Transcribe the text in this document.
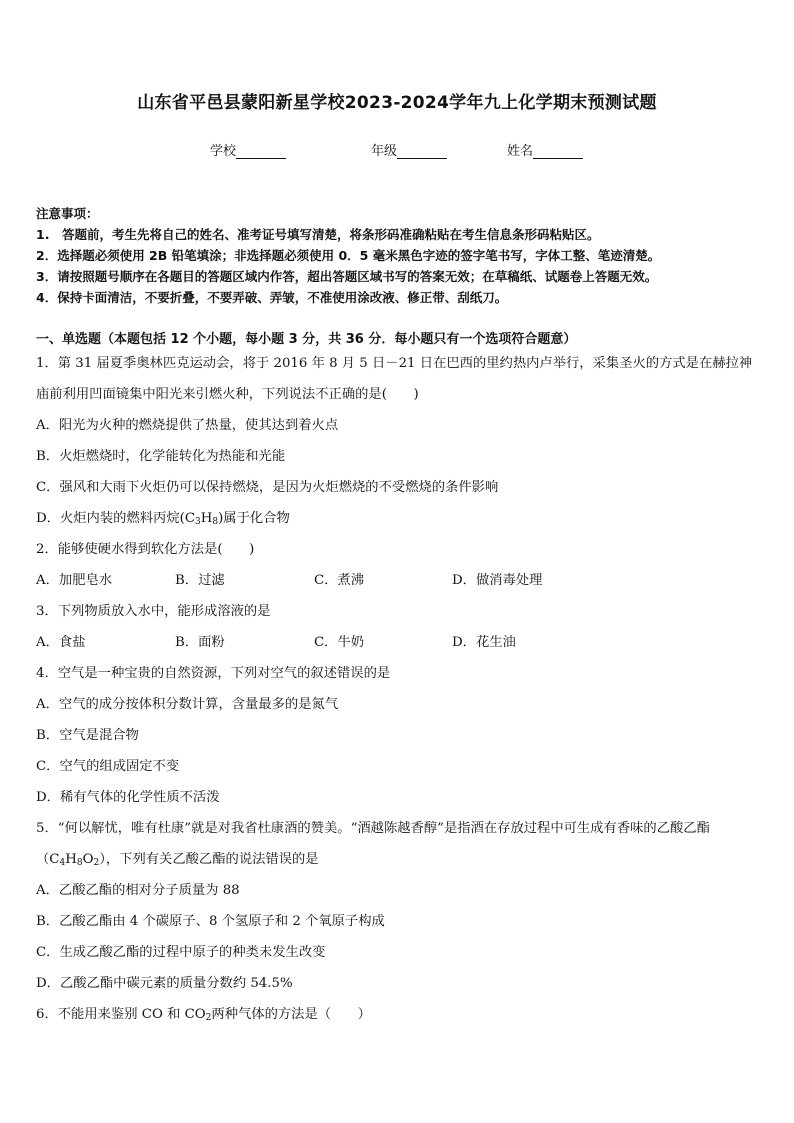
山东省平邑县蒙阳新星学校2023-2024学年九上化学期末预测试题
学校	年级	姓名
注意事项：
1.　答题前，考生先将自己的姓名、准考证号填写清楚，将条形码准确粘贴在考生信息条形码粘贴区。
2．选择题必须使用 2B 铅笔填涂；非选择题必须使用 0．5 毫米黑色字迹的签字笔书写，字体工整、笔迹清楚。
3．请按照题号顺序在各题目的答题区域内作答，超出答题区域书写的答案无效；在草稿纸、试题卷上答题无效。
4．保持卡面清洁，不要折叠，不要弄破、弄皱，不准使用涂改液、修正带、刮纸刀。
一、单选题（本题包括 12 个小题，每小题 3 分，共 36 分．每小题只有一个选项符合题意）
1．第 31 届夏季奥林匹克运动会，将于 2016 年 8 月 5 日－21 日在巴西的里约热内卢举行，采集圣火的方式是在赫拉神
庙前利用凹面镜集中阳光来引燃火种，下列说法不正确的是(　　)
A．阳光为火种的燃烧提供了热量，使其达到着火点
B．火炬燃烧时，化学能转化为热能和光能
C．强风和大雨下火炬仍可以保持燃烧，是因为火炬燃烧的不受燃烧的条件影响
D．火炬内装的燃料丙烷$(C_3H_8)$属于化合物
2．能够使硬水得到软化方法是(　　)
A．加肥皂水	B．过滤	C．煮沸	D．做消毒处理
3．下列物质放入水中，能形成溶液的是
A．食盐	B．面粉	C．牛奶	D．花生油
4．空气是一种宝贵的自然资源，下列对空气的叙述错误的是
A．空气的成分按体积分数计算，含量最多的是氮气
B．空气是混合物
C．空气的组成固定不变
D．稀有气体的化学性质不活泼
5．“何以解忧，唯有杜康”就是对我省杜康酒的赞美。“酒越陈越香醇”是指酒在存放过程中可生成有香味的乙酸乙酯
$(C_4H_8O_2)$，下列有关乙酸乙酯的说法错误的是
A．乙酸乙酯的相对分子质量为 88
B．乙酸乙酯由 4 个碳原子、8 个氢原子和 2 个氧原子构成
C．生成乙酸乙酯的过程中原子的种类未发生改变
D．乙酸乙酯中碳元素的质量分数约 54.5%
6．不能用来鉴别 CO 和 $CO_2$两种气体的方法是（　　）
